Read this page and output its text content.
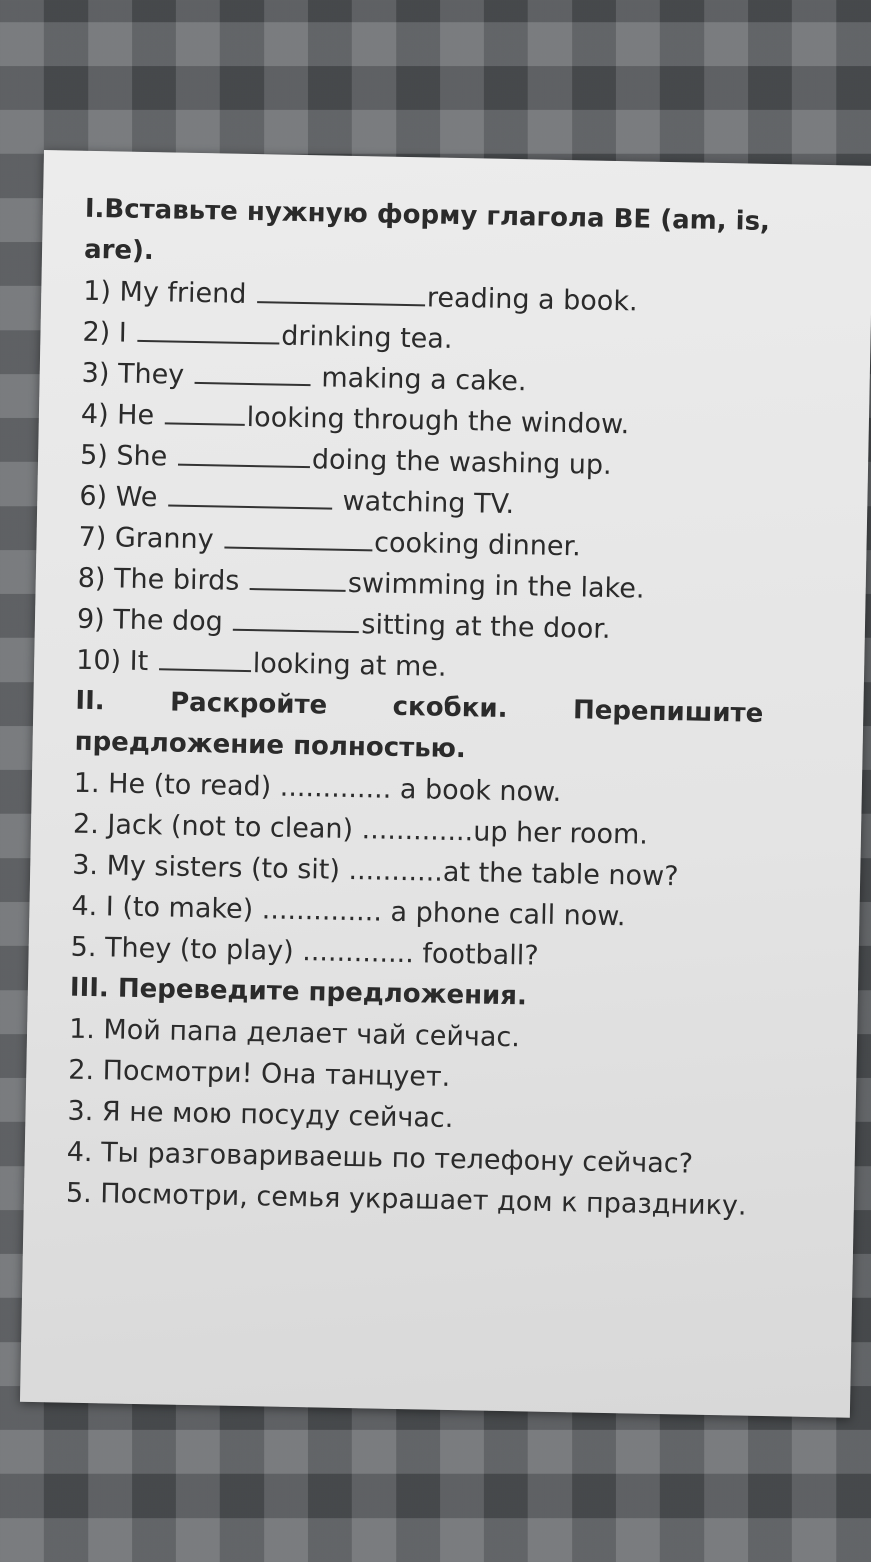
I.Вставьте нужную форму глагола BE (am, is,
are).
1) My friend	reading a book.
2) I	drinking tea.
3) They	making a cake.
4) He	looking through the window.
5) She	doing the washing up.
6) We	watching TV.
7) Granny	cooking dinner.
8) The birds	swimming in the lake.
9) The dog	sitting at the door.
10) It	looking at me.
II. Раскройте скобки. Перепишите
предложение полностью.
1. He (to read) ............. a book now.
2. Jack (not to clean) .............up her room.
3. My sisters (to sit) ...........at the table now?
4. I (to make) .............. a phone call now.
5. They (to play) ............. football?
III. Переведите предложения.
1. Мой папа делает чай сейчас.
2. Посмотри! Она танцует.
3. Я не мою посуду сейчас.
4. Ты разговариваешь по телефону сейчас?
5. Посмотри, семья украшает дом к празднику.
